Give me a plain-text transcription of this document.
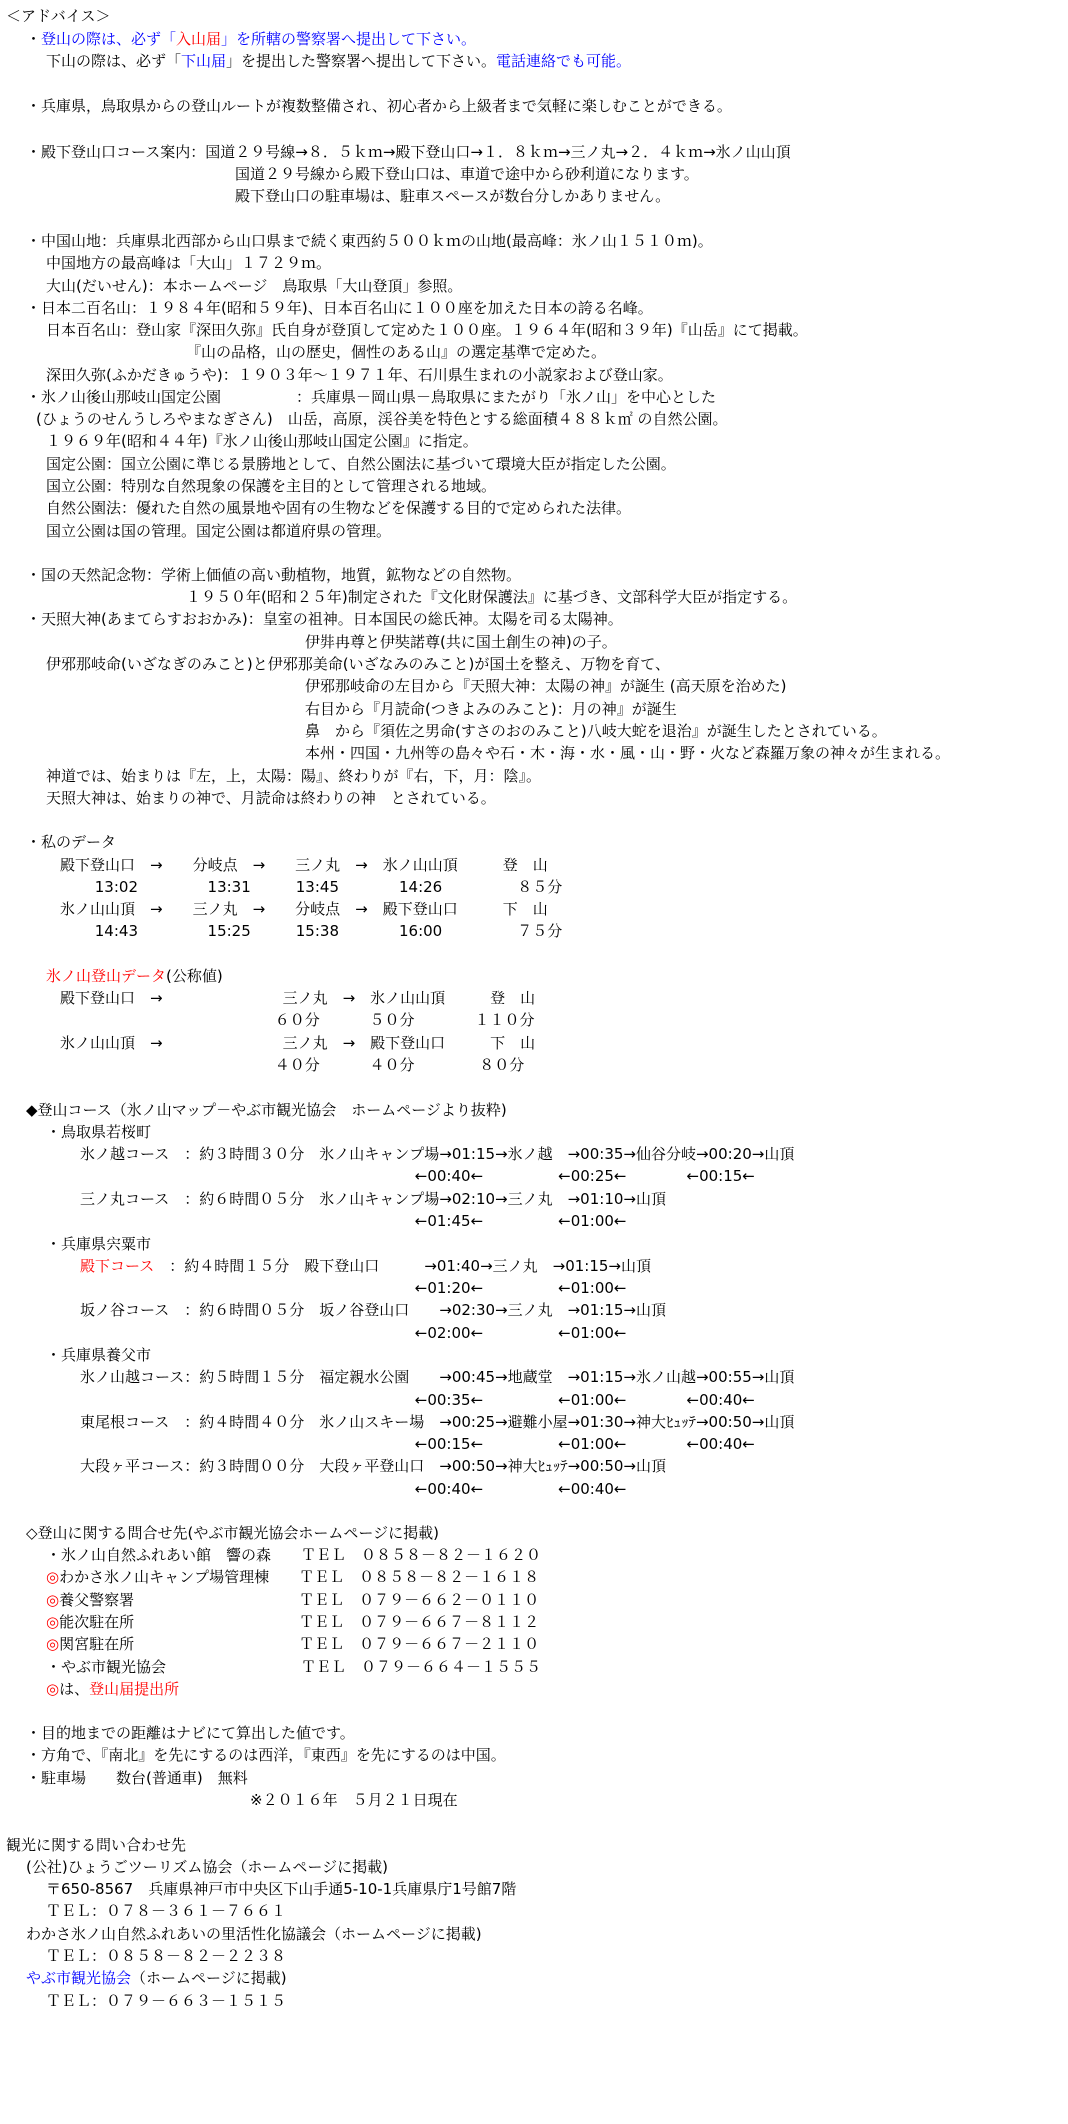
＜アドバイス＞
・登山の際は、必ず「入山届」を所轄の警察署へ提出して下さい。
下山の際は、必ず「下山届」を提出した警察署へ提出して下さい。電話連絡でも可能。
・兵庫県，鳥取県からの登山ルートが複数整備され、初心者から上級者まで気軽に楽しむことができる。
・殿下登山口コース案内：国道２９号線→８．５ｋｍ→殿下登山口→１．８ｋｍ→三ノ丸→２．４ｋｍ→氷ノ山山頂
国道２９号線から殿下登山口は、車道で途中から砂利道になります。
殿下登山口の駐車場は、駐車スペースが数台分しかありません。
・中国山地：兵庫県北西部から山口県まで続く東西約５００ｋｍの山地(最高峰：氷ノ山１５１０ｍ)。
中国地方の最高峰は「大山」１７２９ｍ。
大山(だいせん)：本ホームページ　鳥取県「大山登頂」参照。
・日本二百名山：１９８４年(昭和５９年)、日本百名山に１００座を加えた日本の誇る名峰。
日本百名山：登山家『深田久弥』氏自身が登頂して定めた１００座。１９６４年(昭和３９年)『山岳』にて掲載。
『山の品格，山の歴史，個性のある山』の選定基準で定めた。
深田久弥(ふかだきゅうや)：１９０３年～１９７１年、石川県生まれの小説家および登山家。
・氷ノ山後山那岐山国定公園　　　　　：兵庫県－岡山県－鳥取県にまたがり「氷ノ山」を中心とした
(ひょうのせんうしろやまなぎさん)　山岳，高原，渓谷美を特色とする総面積４８８ｋ㎡ の自然公園。
１９６９年(昭和４４年)『氷ノ山後山那岐山国定公園』に指定。
国定公園：国立公園に準じる景勝地として、自然公園法に基づいて環境大臣が指定した公園。
国立公園：特別な自然現象の保護を主目的として管理される地域。
自然公園法：優れた自然の風景地や固有の生物などを保護する目的で定められた法律。
国立公園は国の管理。国定公園は都道府県の管理。
・国の天然記念物：学術上価値の高い動植物，地質，鉱物などの自然物。
１９５０年(昭和２５年)制定された『文化財保護法』に基づき、文部科学大臣が指定する。
・天照大神(あまてらすおおかみ)：皇室の祖神。日本国民の総氏神。太陽を司る太陽神。
伊弉冉尊と伊奘諾尊(共に国土創生の神)の子。
伊邪那岐命(いざなぎのみこと)と伊邪那美命(いざなみのみこと)が国土を整え、万物を育て、
伊邪那岐命の左目から『天照大神：太陽の神』が誕生 (高天原を治めた)
右目から『月読命(つきよみのみこと)：月の神』が誕生
鼻　から『須佐之男命(すさのおのみこと)八岐大蛇を退治』が誕生したとされている。
本州・四国・九州等の島々や石・木・海・水・風・山・野・火など森羅万象の神々が生まれる。
神道では、始まりは『左，上，太陽：陽』、終わりが『右，下，月：陰』。
天照大神は、始まりの神で、月読命は終わりの神　とされている。
・私のデータ
殿下登山口　→　　分岐点　→　　三ノ丸　→　氷ノ山山頂　　　登　山
　　 13:02　　　　  13:31　　　13:45　　　　14:26　　　　　８５分
氷ノ山山頂　→　　三ノ丸　→　　分岐点　→　殿下登山口　　　下　山
　　 14:43　　　　  15:25　　　15:38　　　　16:00　　　　　７５分
氷ノ山登山データ(公称値)
殿下登山口　→　　　　　　　　三ノ丸　→　氷ノ山山頂　　　登　山
　　　　　　　　　　　　　　 ６０分　　　 ５０分　　　　１１０分
氷ノ山山頂　→　　　　　　　　三ノ丸　→　殿下登山口　　　下　山
　　　　　　　　　　　　　　 ４０分　　　 ４０分　　　　 ８０分
◆登山コース（氷ノ山マップ－やぶ市観光協会　ホームページより抜粋)
・鳥取県若桜町
氷ノ越コース　：約３時間３０分　氷ノ山キャンプ場→01:15→氷ノ越　→00:35→仙谷分岐→00:20→山頂
　　　　　　　　　　　　　　　　　　　　　　 ←00:40←　　　　　←00:25←　　　　←00:15←
三ノ丸コース　：約６時間０５分　氷ノ山キャンプ場→02:10→三ノ丸　→01:10→山頂
　　　　　　　　　　　　　　　　　　　　　　 ←01:45←　　　　　←01:00←
・兵庫県宍粟市
殿下コース　：約４時間１５分　殿下登山口　　　→01:40→三ノ丸　→01:15→山頂
　　　　　　　　　　　　　　　　　　　　　　 ←01:20←　　　　　←01:00←
坂ノ谷コース　：約６時間０５分　坂ノ谷登山口　　→02:30→三ノ丸　→01:15→山頂
　　　　　　　　　　　　　　　　　　　　　　 ←02:00←　　　　　←01:00←
・兵庫県養父市
氷ノ山越コース：約５時間１５分　福定親水公園　　→00:45→地蔵堂　→01:15→氷ノ山越→00:55→山頂
　　　　　　　　　　　　　　　　　　　　　　 ←00:35←　　　　　←01:00←　　　　←00:40←
東尾根コース　：約４時間４０分　氷ノ山スキー場　→00:25→避難小屋→01:30→神大ﾋｭｯﾃ→00:50→山頂
　　　　　　　　　　　　　　　　　　　　　　 ←00:15←　　　　　←01:00←　　　　←00:40←
大段ヶ平コース：約３時間００分　大段ヶ平登山口　→00:50→神大ﾋｭｯﾃ→00:50→山頂
　　　　　　　　　　　　　　　　　　　　　　 ←00:40←　　　　　←00:40←
◇登山に関する問合せ先(やぶ市観光協会ホームページに掲載)
・氷ノ山自然ふれあい館　響の森　　ＴＥＬ　０８５８－８２－１６２０
◎わかさ氷ノ山キャンプ場管理棟　　ＴＥＬ　０８５８－８２－１６１８
◎養父警察署　　　　　　　　　　　ＴＥＬ　０７９－６６２－０１１０
◎能次駐在所　　　　　　　　　　　ＴＥＬ　０７９－６６７－８１１２
◎関宮駐在所　　　　　　　　　　　ＴＥＬ　０７９－６６７－２１１０
・やぶ市観光協会　　　　　　　　　ＴＥＬ　０７９－６６４－１５５５
◎は、登山届提出所
・目的地までの距離はナビにて算出した値です。
・方角で、『南北』を先にするのは西洋，『東西』を先にするのは中国。
・駐車場　　数台(普通車)　無料
※２０１６年　５月２１日現在
観光に関する問い合わせ先
(公社)ひょうごツーリズム協会（ホームページに掲載)
〒650-8567　兵庫県神戸市中央区下山手通5-10-1兵庫県庁1号館7階
ＴＥＬ：０７８－３６１－７６６１
わかさ氷ノ山自然ふれあいの里活性化協議会（ホームページに掲載)
ＴＥＬ：０８５８－８２－２２３８
やぶ市観光協会（ホームページに掲載)
ＴＥＬ：０７９－６６３－１５１５
